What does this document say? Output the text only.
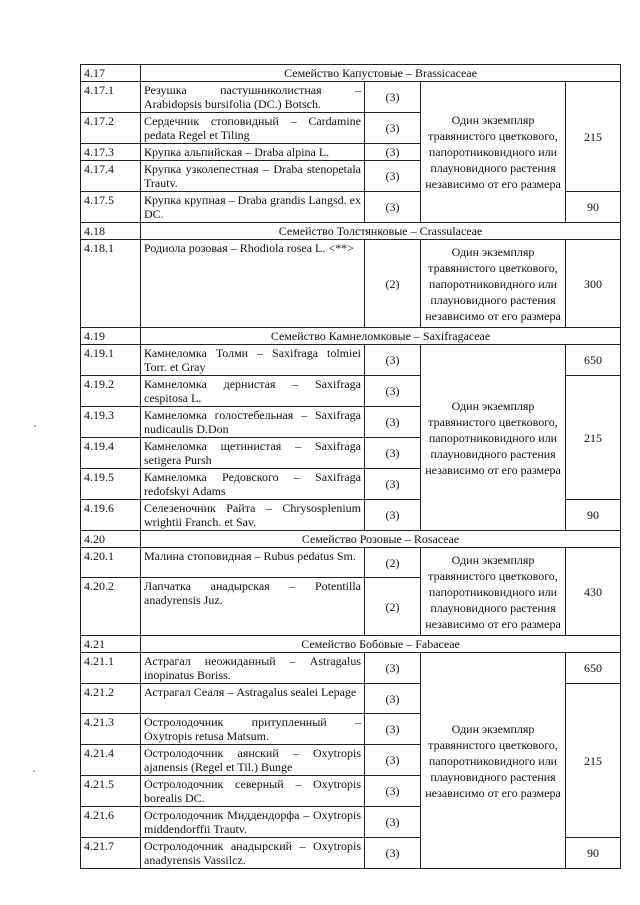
4.17	Семейство Капустовые – Brassicaceae			
4.17.1	Резушка пастушниколистная – Arabidopsis bursifolia (DC.) Botsch.	(3)	Один экземпляр травянистого цветкового, папоротниковидного или плауновидного растения независимо от его размера	215
4.17.2	Сердечник стоповидный – Cardamine pedata Regel et Tiling	(3)		
4.17.3	Крупка альпийская – Draba alpina L.	(3)		
4.17.4	Крупка узколепестная – Draba stenopetala Trautv.	(3)		
4.17.5	Крупка крупная – Draba grandis Langsd. ex DC.	(3)		90
4.18	Семейство Толстянковые – Crassulaceae			
4.18.1	Родиола розовая – Rhodiola rosea L. <**>	(2)	Один экземпляр травянистого цветкового, папоротниковидного или плауновидного растения независимо от его размера	300
4.19	Семейство Камнеломковые – Saxifragaceae			
4.19.1	Камнеломка Толми – Saxifraga tolmiei Torr. et Gray	(3)	Один экземпляр травянистого цветкового, папоротниковидного или плауновидного растения независимо от его размера	650
4.19.2	Камнеломка дернистая – Saxifraga cespitosa L.	(3)		215
4.19.3	Камнеломка голостебельная – Saxifraga nudicaulis D.Don	(3)		
4.19.4	Камнеломка щетинистая – Saxifraga setigera Pursh	(3)		
4.19.5	Камнеломка Редовского – Saxifraga redofskyi Adams	(3)		
4.19.6	Селезеночник Райта – Chrysosplenium wrightii Franch. et Sav.	(3)		90
4.20	Семейство Розовые – Rosaceae			
4.20.1	Малина стоповидная – Rubus pedatus Sm.	(2)	Один экземпляр травянистого цветкового, папоротниковидного или плауновидного растения независимо от его размера	430
4.20.2	Лапчатка анадырская – Potentilla anadyrensis Juz.	(2)		
4.21	Семейство Бобовые – Fabaceae			
4.21.1	Астрагал неожиданный – Astragalus inopinatus Boriss.	(3)	Один экземпляр травянистого цветкового, папоротниковидного или плауновидного растения независимо от его размера	650
4.21.2	Астрагал Сеаля – Astragalus sealei Lepage	(3)		215
4.21.3	Остролодочник притупленный – Oxytropis retusa Matsum.	(3)		
4.21.4	Остролодочник аянский – Oxytropis ajanensis (Regel et Til.) Bunge	(3)		
4.21.5	Остролодочник северный – Oxytropis borealis DC.	(3)		
4.21.6	Остролодочник Миддендорфа – Oxytropis middendorffii Trautv.	(3)		
4.21.7	Остролодочник анадырский – Oxytropis anadyrensis Vassilcz.	(3)		90
